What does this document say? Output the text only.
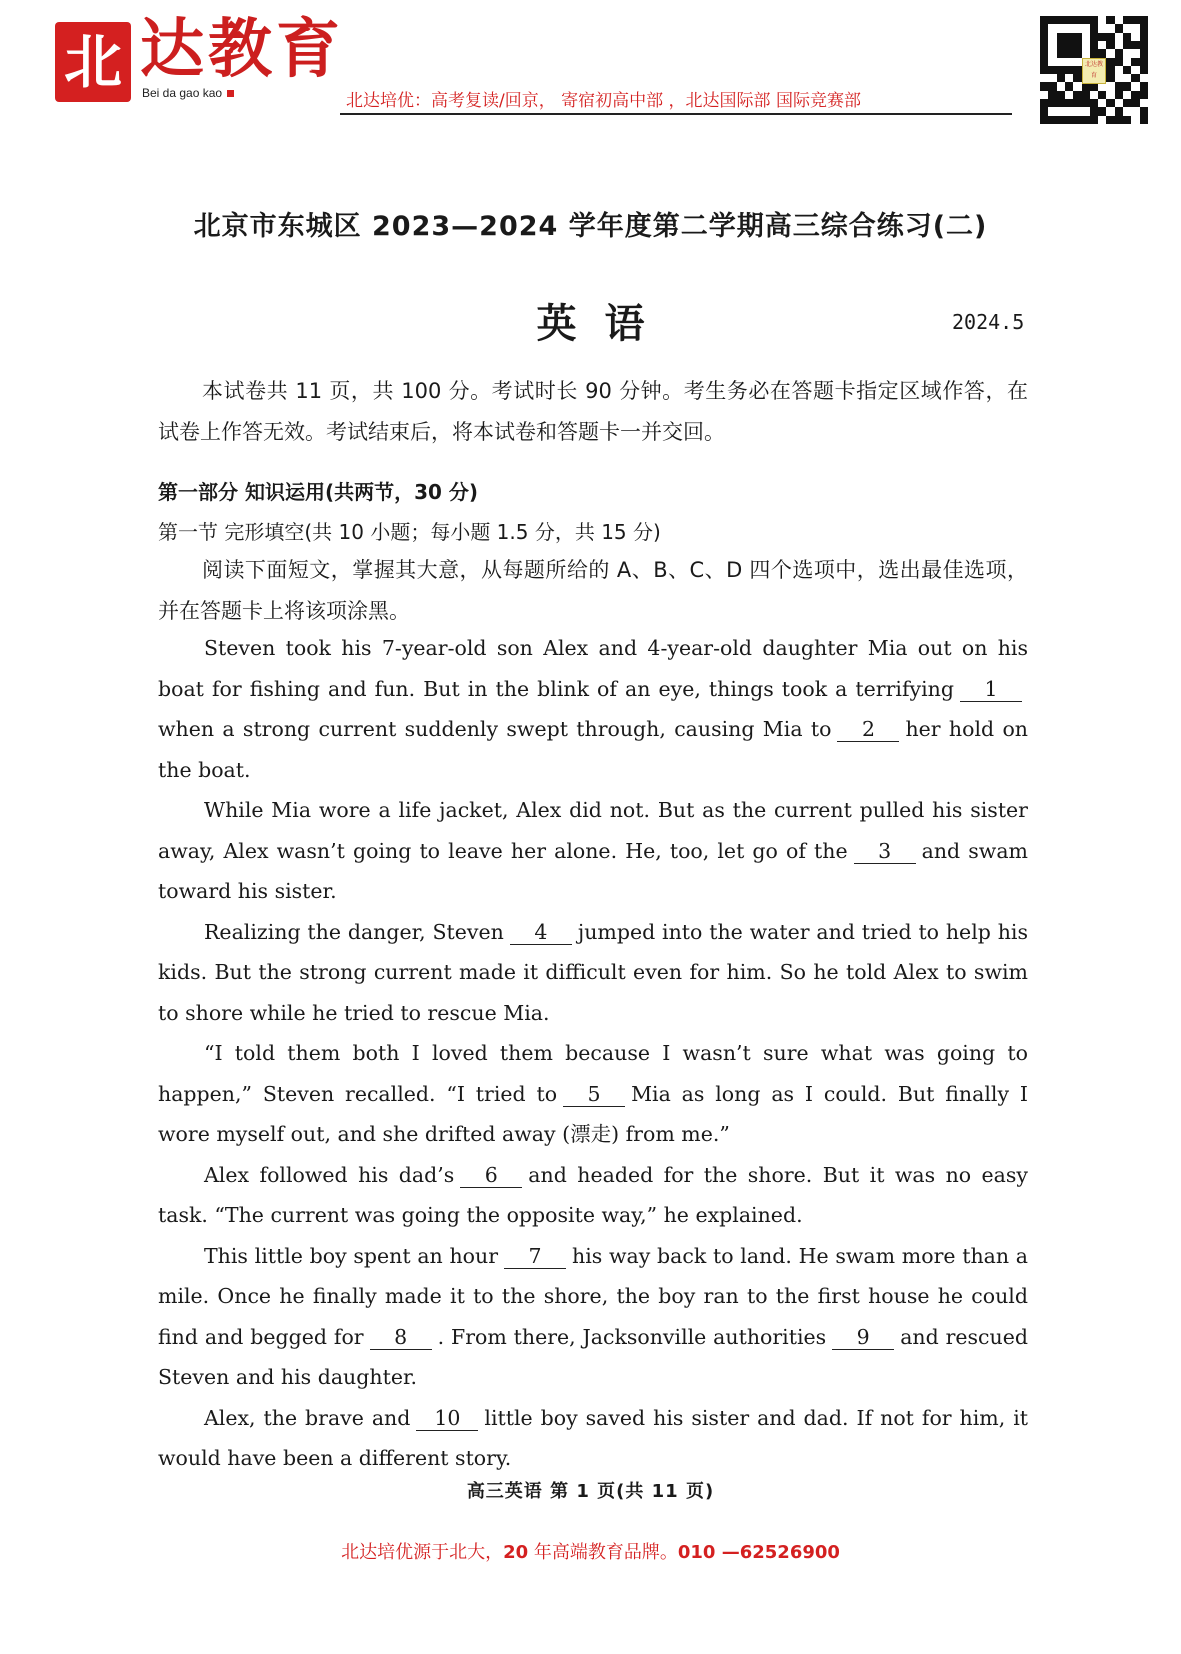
北 达教育
Bei da gao kao	北达培优：高考复读/回京， 寄宿初高中部 ，北达国际部 国际竞赛部
北达教育
北京市东城区 2023—2024 学年度第二学期高三综合练习(二)
英语	2024.5
本试卷共 11 页，共 100 分。考试时长 90 分钟。考生务必在答题卡指定区域作答，在试卷上作答无效。考试结束后，将本试卷和答题卡一并交回。
第一部分 知识运用(共两节，30 分)
第一节 完形填空(共 10 小题；每小题 1.5 分，共 15 分)
阅读下面短文，掌握其大意，从每题所给的 A、B、C、D 四个选项中，选出最佳选项，并在答题卡上将该项涂黑。

Steven took his 7-year-old son Alex and 4-year-old daughter Mia out on his boat for fishing and fun. But in the blink of an eye, things took a terrifying 1when a strong current suddenly swept through, causing Mia to 2 her hold on the boat.

While Mia wore a life jacket, Alex did not. But as the current pulled his sister away, Alex wasn’t going to leave her alone. He, too, let go of the 3 and swam toward his sister.

Realizing the danger, Steven 4 jumped into the water and tried to help his kids. But the strong current made it difficult even for him. So he told Alex to swim to shore while he tried to rescue Mia.

“I told them both I loved them because I wasn’t sure what was going to happen,” Steven recalled. “I tried to 5 Mia as long as I could. But finally I wore myself out, and she drifted away (漂走) from me.”

Alex followed his dad’s 6 and headed for the shore. But it was no easy task. “The current was going the opposite way,” he explained.

This little boy spent an hour 7 his way back to land. He swam more than a mile. Once he finally made it to the shore, the boy ran to the first house he could find and begged for 8 . From there, Jacksonville authorities 9 and rescued Steven and his daughter.

Alex, the brave and 10 little boy saved his sister and dad. If not for him, it would have been a different story.

高三英语 第 1 页(共 11 页)
北达培优源于北大，20 年高端教育品牌。010 —62526900
